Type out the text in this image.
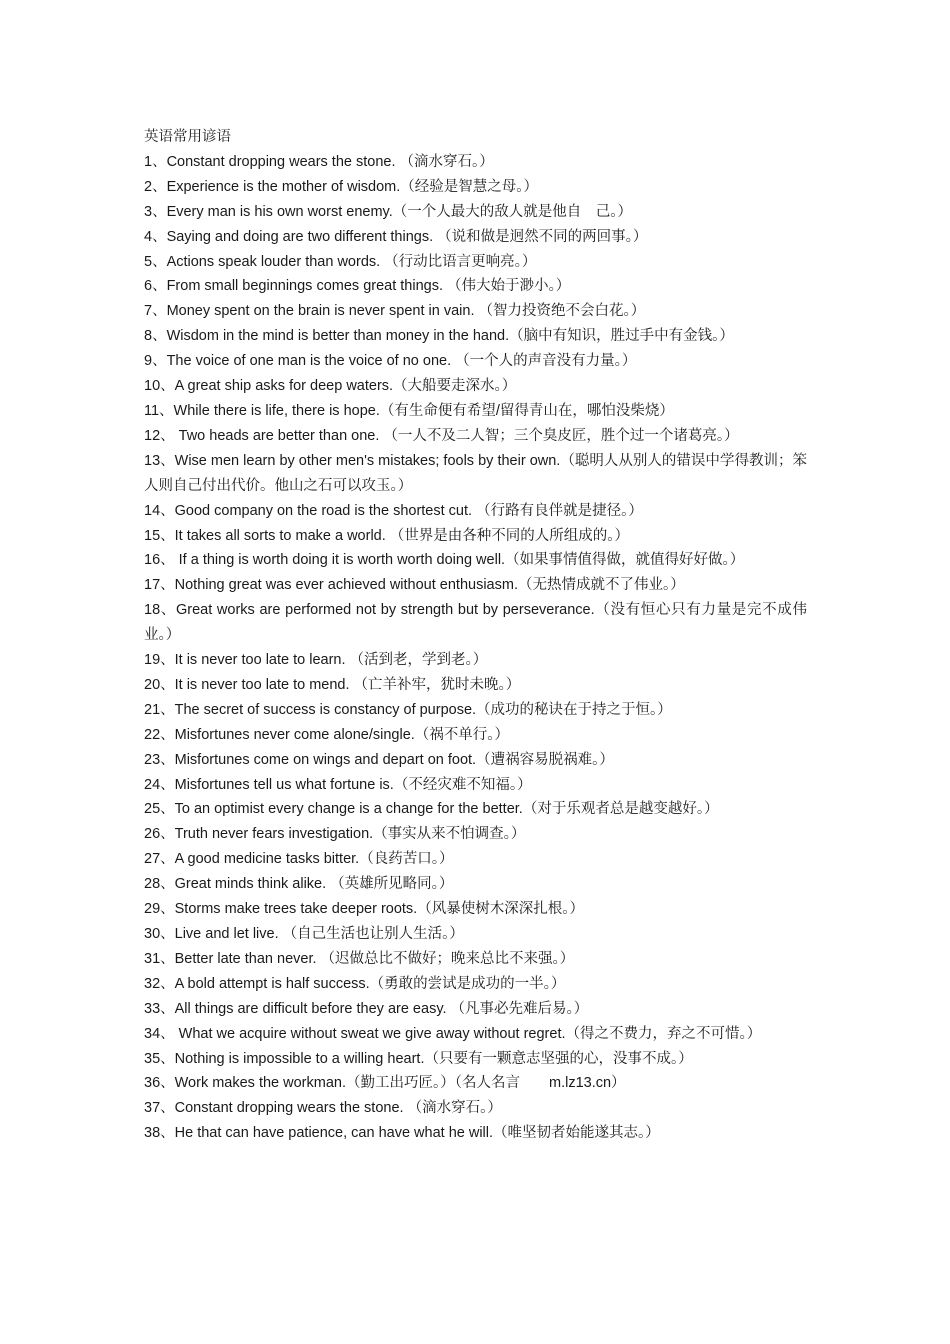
英语常用谚语

1、Constant dropping wears the stone. （滴水穿石。）

2、Experience is the mother of wisdom.（经验是智慧之母。）

3、Every man is his own worst enemy.（一个人最大的敌人就是他自　己。）

4、Saying and doing are two different things. （说和做是迥然不同的两回事。）

5、Actions speak louder than words. （行动比语言更响亮。）

6、From small beginnings comes great things. （伟大始于渺小。）

7、Money spent on the brain is never spent in vain. （智力投资绝不会白花。）

8、Wisdom in the mind is better than money in the hand.（脑中有知识，胜过手中有金钱。）

9、The voice of one man is the voice of no one. （一个人的声音没有力量。）

10、A great ship asks for deep waters.（大船要走深水。）

11、While there is life, there is hope.（有生命便有希望/留得青山在，哪怕没柴烧）

12、 Two heads are better than one. （一人不及二人智；三个臭皮匠，胜个过一个诸葛亮。）

13、Wise men learn by other men's mistakes; fools by their own.（聪明人从别人的错误中学得教训；笨人则自己付出代价。他山之石可以攻玉。）

14、Good company on the road is the shortest cut. （行路有良伴就是捷径。）

15、It takes all sorts to make a world. （世界是由各种不同的人所组成的。）

16、 If a thing is worth doing it is worth worth doing well.（如果事情值得做，就值得好好做。）

17、Nothing great was ever achieved without enthusiasm.（无热情成就不了伟业。）

18、Great works are performed not by strength but by perseverance.（没有恒心只有力量是完不成伟业。）

19、It is never too late to learn. （活到老，学到老。）

20、It is never too late to mend. （亡羊补牢，犹时未晚。）

21、The secret of success is constancy of purpose.（成功的秘诀在于持之于恒。）

22、Misfortunes never come alone/single.（祸不单行。）

23、Misfortunes come on wings and depart on foot.（遭祸容易脱祸难。）

24、Misfortunes tell us what fortune is.（不经灾难不知福。）

25、To an optimist every change is a change for the better.（对于乐观者总是越变越好。）

26、Truth never fears investigation.（事实从来不怕调查。）

27、A good medicine tasks bitter.（良药苦口。）

28、Great minds think alike. （英雄所见略同。）

29、Storms make trees take deeper roots.（风暴使树木深深扎根。）

30、Live and let live. （自己生活也让别人生活。）

31、Better late than never. （迟做总比不做好；晚来总比不来强。）

32、A bold attempt is half success.（勇敢的尝试是成功的一半。）

33、All things are difficult before they are easy. （凡事必先难后易。）

34、 What we acquire without sweat we give away without regret.（得之不费力，弃之不可惜。）

35、Nothing is impossible to a willing heart.（只要有一颗意志坚强的心，没事不成。）

36、Work makes the workman.（勤工出巧匠。）（名人名言　　m.lz13.cn）

37、Constant dropping wears the stone. （滴水穿石。）

38、He that can have patience, can have what he will.（唯坚韧者始能遂其志。）
